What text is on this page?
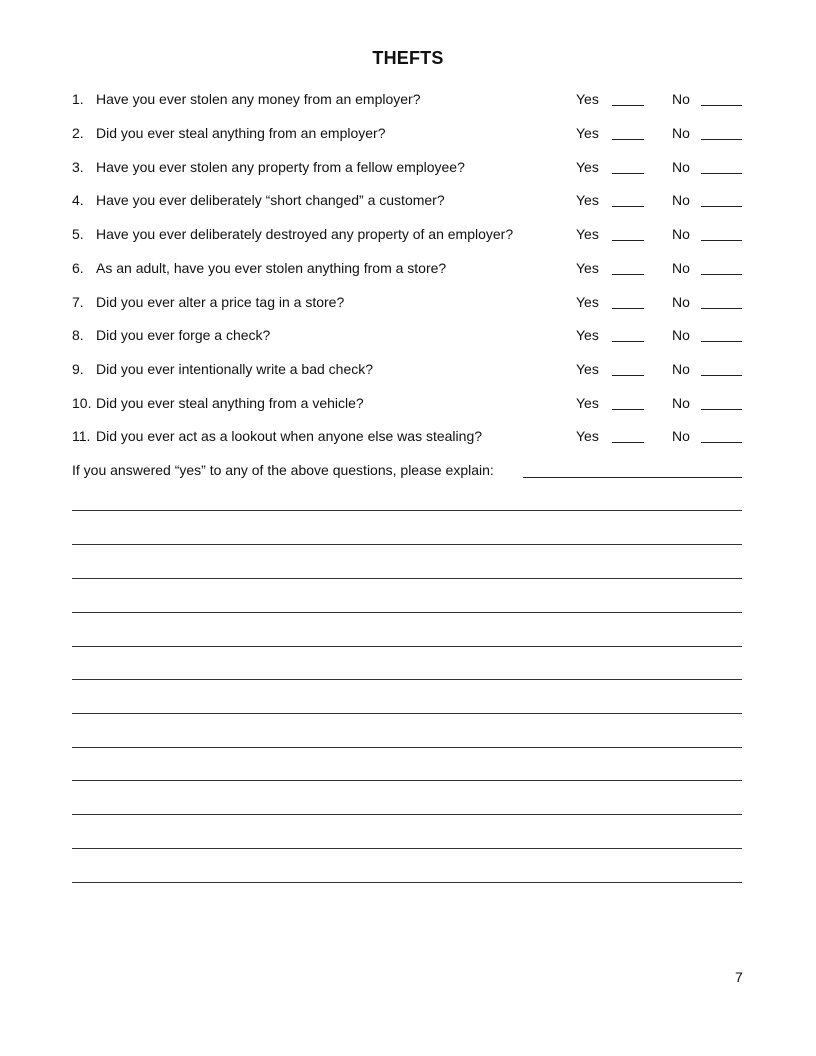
THEFTS
1. Have you ever stolen any money from an employer?	Yes	No
2. Did you ever steal anything from an employer?	Yes	No
3. Have you ever stolen any property from a fellow employee?	Yes	No
4. Have you ever deliberately “short changed” a customer?	Yes	No
5. Have you ever deliberately destroyed any property of an employer?	Yes	No
6. As an adult, have you ever stolen anything from a store?	Yes	No
7. Did you ever alter a price tag in a store?	Yes	No
8. Did you ever forge a check?	Yes	No
9. Did you ever intentionally write a bad check?	Yes	No
10. Did you ever steal anything from a vehicle?	Yes	No
11. Did you ever act as a lookout when anyone else was stealing?	Yes	No
If you answered “yes” to any of the above questions, please explain:
7
